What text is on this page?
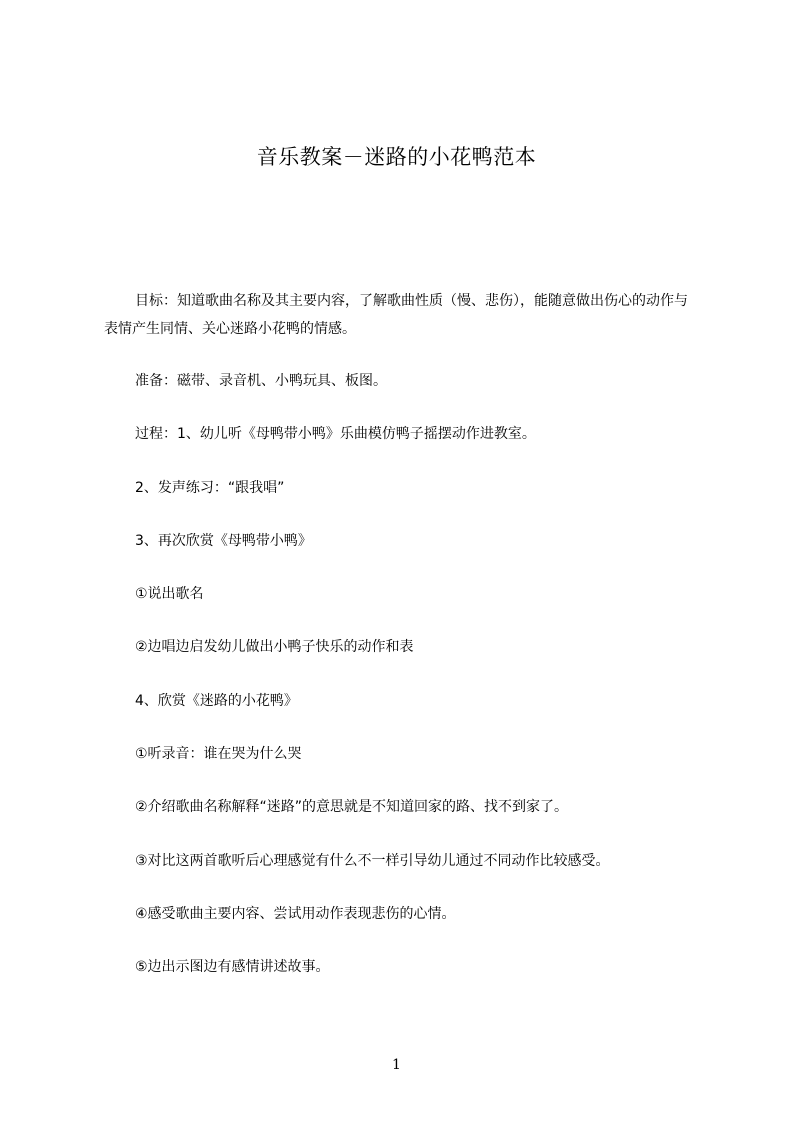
音乐教案－迷路的小花鸭范本
目标：知道歌曲名称及其主要内容，了解歌曲性质（慢、悲伤），能随意做出伤心的动作与表情产生同情、关心迷路小花鸭的情感。
准备：磁带、录音机、小鸭玩具、板图。
过程：1、幼儿听《母鸭带小鸭》乐曲模仿鸭子摇摆动作进教室。
2、发声练习：“跟我唱”
3、再次欣赏《母鸭带小鸭》
①说出歌名
②边唱边启发幼儿做出小鸭子快乐的动作和表
4、欣赏《迷路的小花鸭》
①听录音：谁在哭为什么哭
②介绍歌曲名称解释“迷路”的意思就是不知道回家的路、找不到家了。
③对比这两首歌听后心理感觉有什么不一样引导幼儿通过不同动作比较感受。
④感受歌曲主要内容、尝试用动作表现悲伤的心情。
⑤边出示图边有感情讲述故事。
1
